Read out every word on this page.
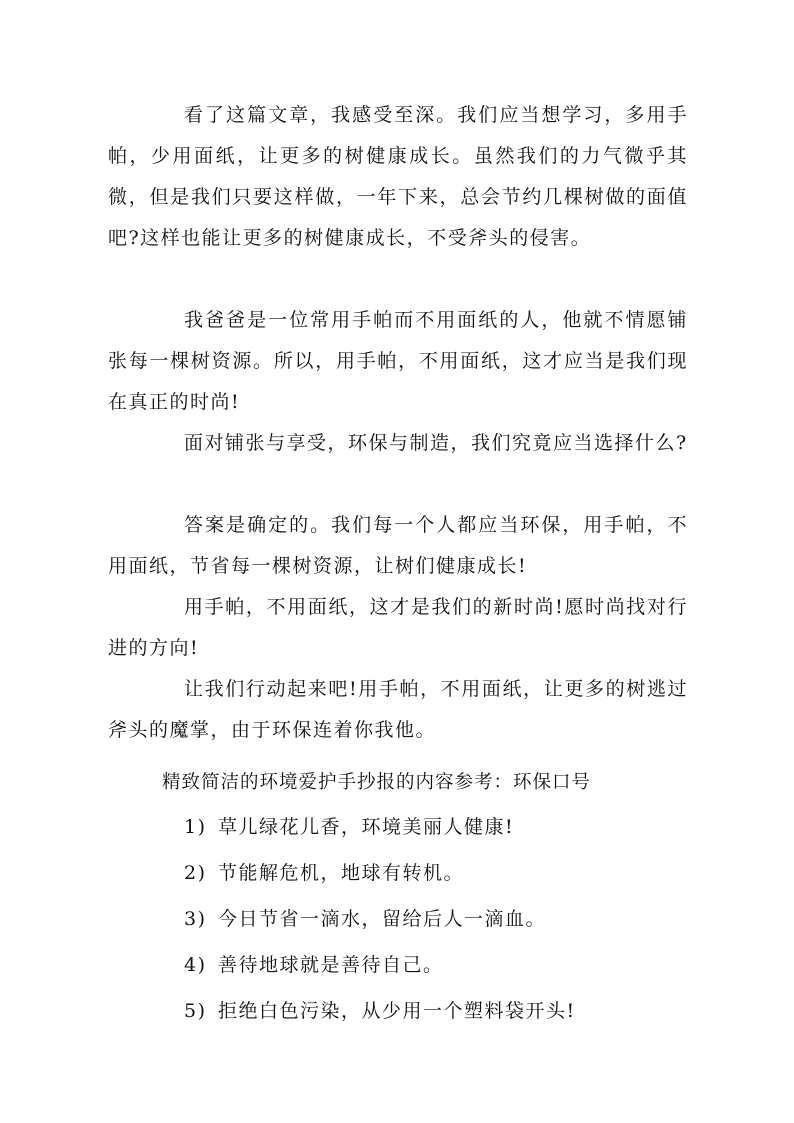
看了这篇文章，我感受至深。我们应当想学习，多用手帕，少用面纸，让更多的树健康成长。虽然我们的力气微乎其微，但是我们只要这样做，一年下来，总会节约几棵树做的面值吧?这样也能让更多的树健康成长，不受斧头的侵害。

我爸爸是一位常用手帕而不用面纸的人，他就不情愿铺张每一棵树资源。所以，用手帕，不用面纸，这才应当是我们现在真正的时尚!

面对铺张与享受，环保与制造，我们究竟应当选择什么?

答案是确定的。我们每一个人都应当环保，用手帕，不用面纸，节省每一棵树资源，让树们健康成长!

用手帕，不用面纸，这才是我们的新时尚!愿时尚找对行进的方向!

让我们行动起来吧!用手帕，不用面纸，让更多的树逃过斧头的魔掌，由于环保连着你我他。

精致简洁的环境爱护手抄报的内容参考：环保口号

1) 草儿绿花儿香，环境美丽人健康!
2) 节能解危机，地球有转机。
3) 今日节省一滴水，留给后人一滴血。
4) 善待地球就是善待自己。
5) 拒绝白色污染，从少用一个塑料袋开头!
